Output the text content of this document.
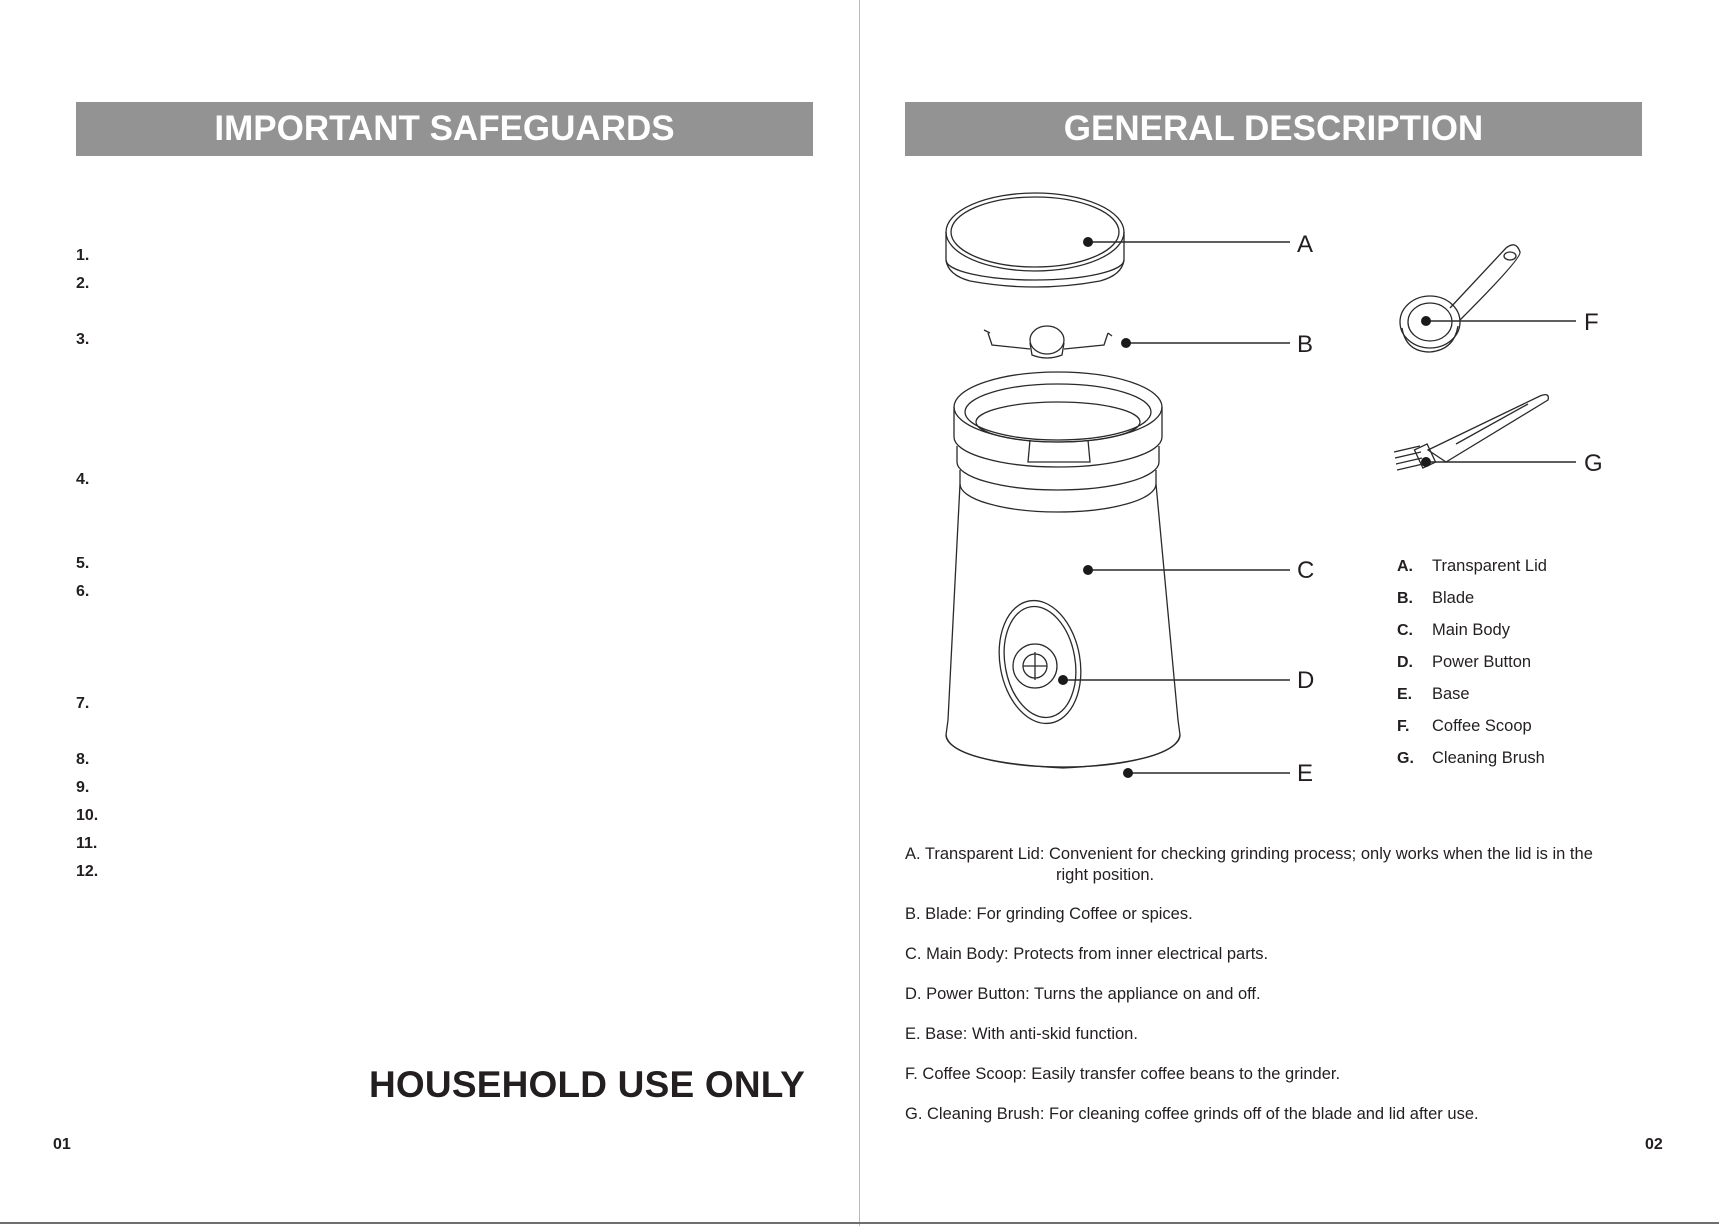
IMPORTANT SAFEGUARDS
1.
2.
3.
4.
5.
6.
7.
8.
9.
10.
11.
12.
HOUSEHOLD USE ONLY
01
GENERAL DESCRIPTION
A
B
C
D
E
F
G
A. Transparent Lid
B. Blade
C. Main Body
D. Power Button
E. Base
F. Coffee Scoop
G. Cleaning Brush
A. Transparent Lid: Convenient for checking grinding process; only works when the lid is in the
right position.
B. Blade: For grinding Coffee or spices.
C. Main Body: Protects from inner electrical parts.
D. Power Button: Turns the appliance on and off.
E. Base: With anti-skid function.
F. Coffee Scoop: Easily transfer coffee beans to the grinder.
G. Cleaning Brush: For cleaning coffee grinds off of the blade and lid after use.
02
